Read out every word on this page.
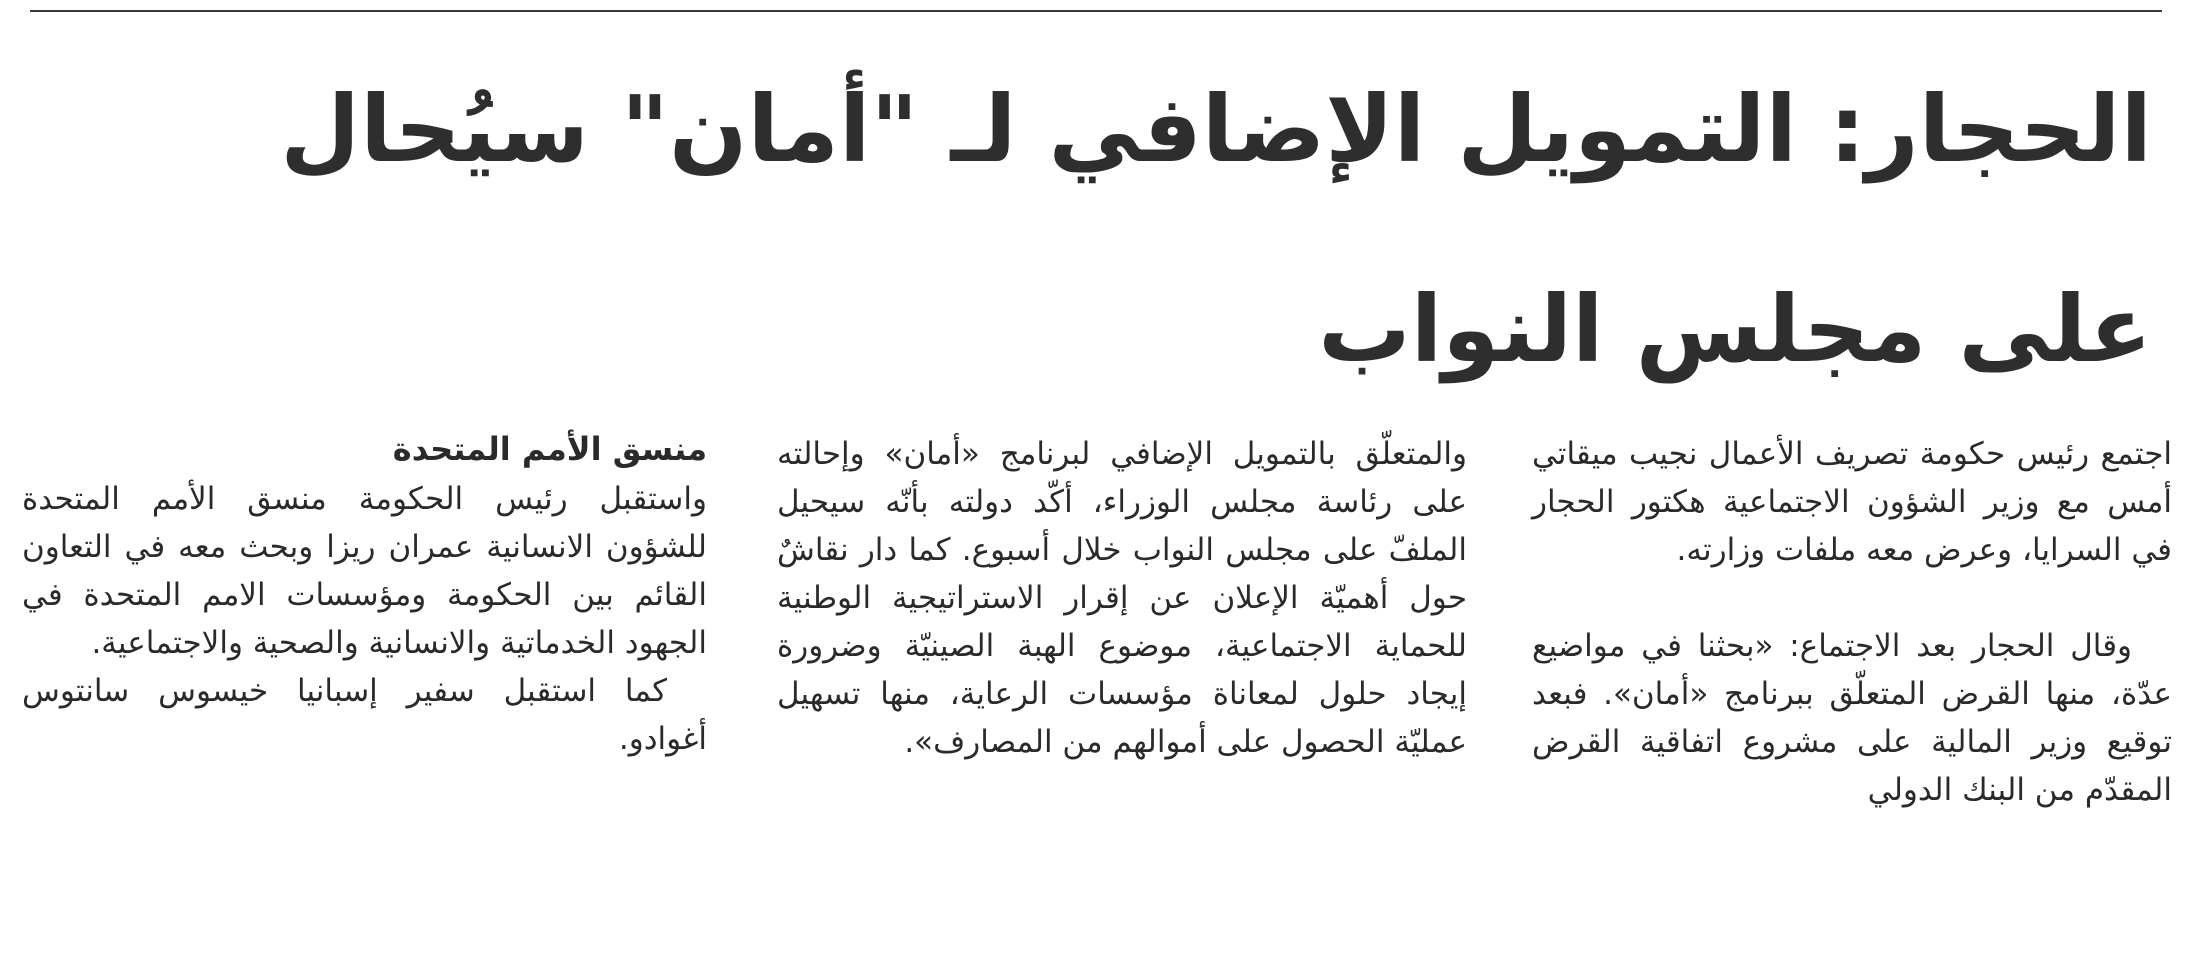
الحجار: التمويل الإضافي لـ "أمان" سيُحال
على مجلس النواب

اجتمع رئيس حكومة تصريف الأعمال نجيب ميقاتي أمس مع وزير الشؤون الاجتماعية هكتور الحجار في السرايا، وعرض معه ملفات وزارته.

وقال الحجار بعد الاجتماع: «بحثنا في مواضيع عدّة، منها القرض المتعلّق ببرنامج «أمان». فبعد توقيع وزير المالية على مشروع اتفاقية القرض المقدّم من البنك الدولي

والمتعلّق بالتمويل الإضافي لبرنامج «أمان» وإحالته على رئاسة مجلس الوزراء، أكّد دولته بأنّه سيحيل الملفّ على مجلس النواب خلال أسبوع. كما دار نقاشٌ حول أهميّة الإعلان عن إقرار الاستراتيجية الوطنية للحماية الاجتماعية، موضوع الهبة الصينيّة وضرورة إيجاد حلول لمعاناة مؤسسات الرعاية، منها تسهيل عمليّة الحصول على أموالهم من المصارف».

منسق الأمم المتحدة

واستقبل رئيس الحكومة منسق الأمم المتحدة للشؤون الانسانية عمران ريزا وبحث معه في التعاون القائم بين الحكومة ومؤسسات الامم المتحدة في الجهود الخدماتية والانسانية والصحية والاجتماعية.

كما استقبل سفير إسبانيا خيسوس سانتوس أغوادو.
